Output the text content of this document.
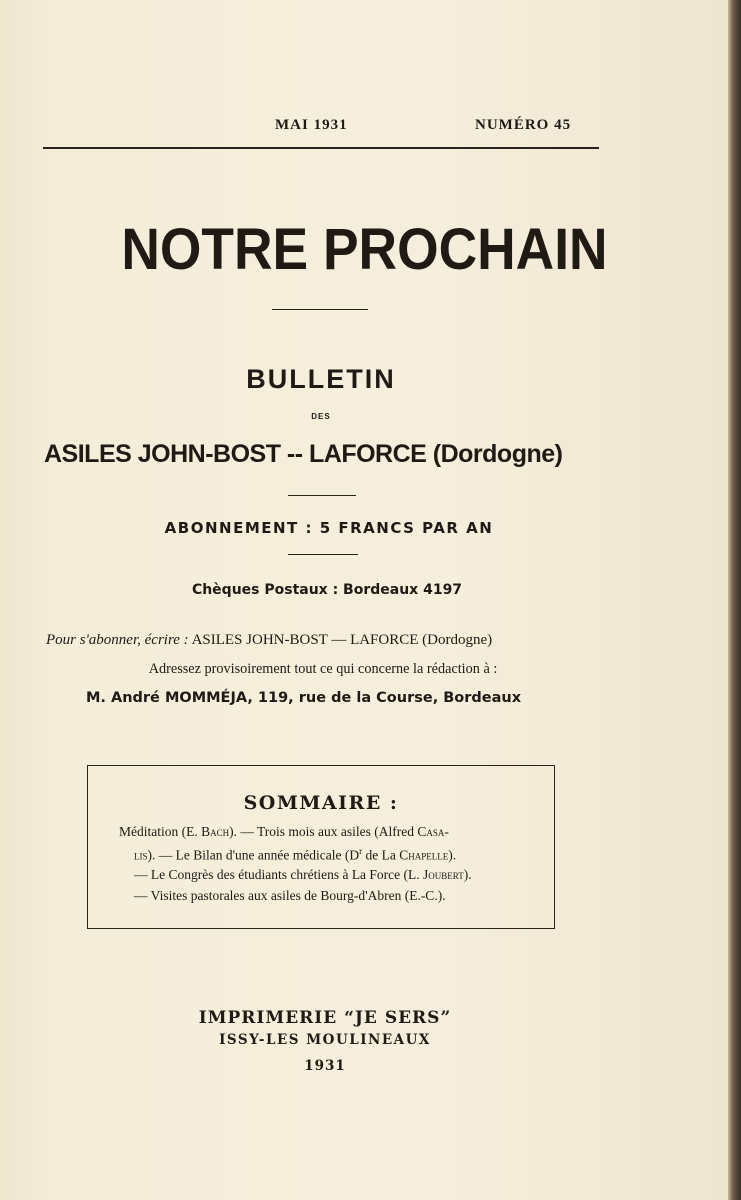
MAI 1931	NUMÉRO 45
NOTRE PROCHAIN
BULLETIN
DES
ASILES JOHN-BOST -- LAFORCE (Dordogne)
ABONNEMENT : 5 FRANCS PAR AN
Chèques Postaux : Bordeaux 4197
Pour s'abonner, écrire : ASILES JOHN-BOST — LAFORCE (Dordogne)
Adressez provisoirement tout ce qui concerne la rédaction à :
M. André MOMMÉJA, 119, rue de la Course, Bordeaux
SOMMAIRE :
Méditation (E. Bach). — Trois mois aux asiles (Alfred Casa-
lis). — Le Bilan d'une année médicale ($D^r$ de La Chapelle).
— Le Congrès des étudiants chrétiens à La Force (L. Joubert).
— Visites pastorales aux asiles de Bourg-d'Abren (E.-C.).
IMPRIMERIE “JE SERS”
ISSY-LES MOULINEAUX
1931
